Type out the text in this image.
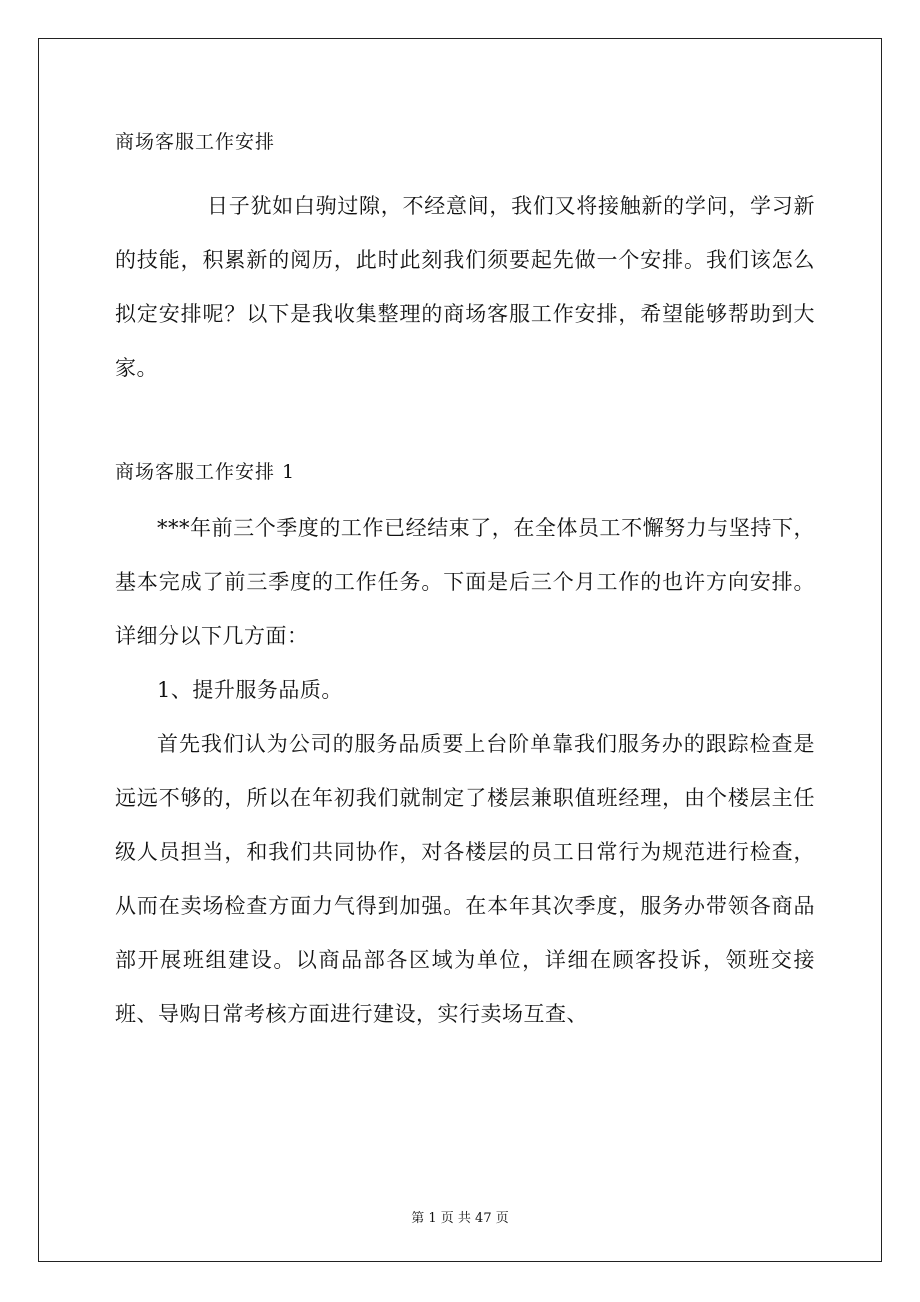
商场客服工作安排

日子犹如白驹过隙，不经意间，我们又将接触新的学问，学习新的技能，积累新的阅历，此时此刻我们须要起先做一个安排。我们该怎么拟定安排呢？以下是我收集整理的商场客服工作安排，希望能够帮助到大家。

商场客服工作安排 1

***年前三个季度的工作已经结束了，在全体员工不懈努力与坚持下，基本完成了前三季度的工作任务。下面是后三个月工作的也许方向安排。详细分以下几方面：

1、提升服务品质。

首先我们认为公司的服务品质要上台阶单靠我们服务办的跟踪检查是远远不够的，所以在年初我们就制定了楼层兼职值班经理，由个楼层主任级人员担当，和我们共同协作，对各楼层的员工日常行为规范进行检查，从而在卖场检查方面力气得到加强。在本年其次季度，服务办带领各商品部开展班组建设。以商品部各区域为单位，详细在顾客投诉，领班交接班、导购日常考核方面进行建设，实行卖场互查、

第 1 页 共 47 页
